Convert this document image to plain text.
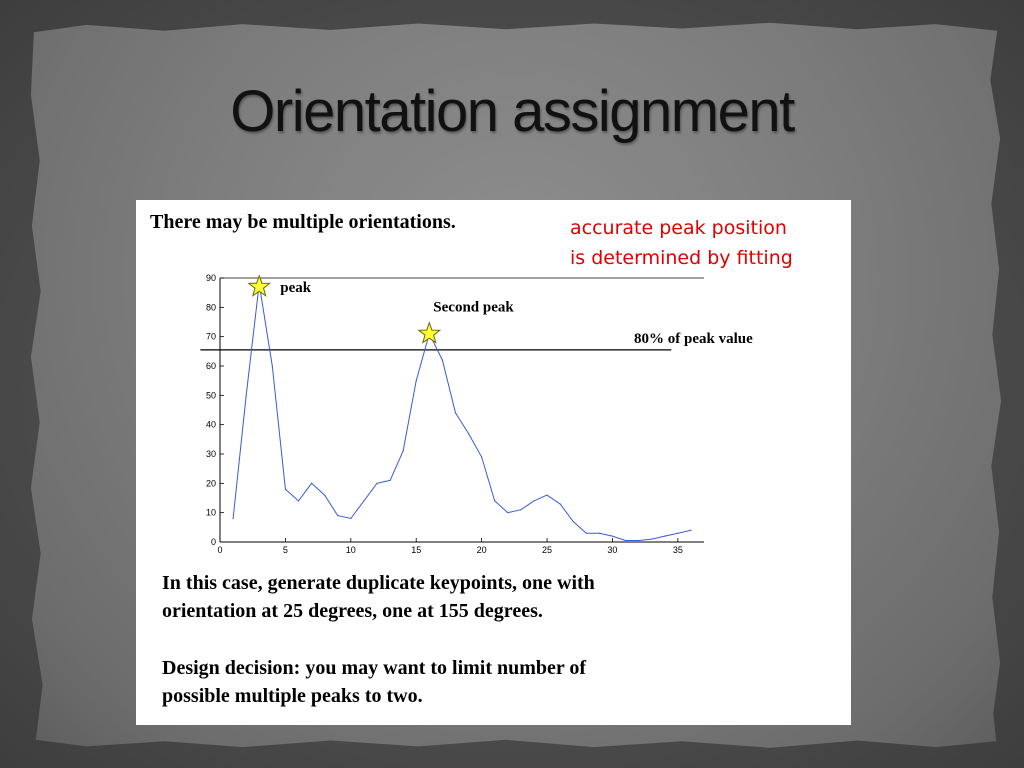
Orientation assignment
There may be multiple orientations.	accurate peak position
is determined by fitting
0	5	10	15	20	25	30	35
0
10
20
30
40
50
60
70
80
90
80% of peak value
peak
Second peak
In this case, generate duplicate keypoints, one with
orientation at 25 degrees, one at 155 degrees.
Design decision: you may want to limit number of
possible multiple peaks to two.
